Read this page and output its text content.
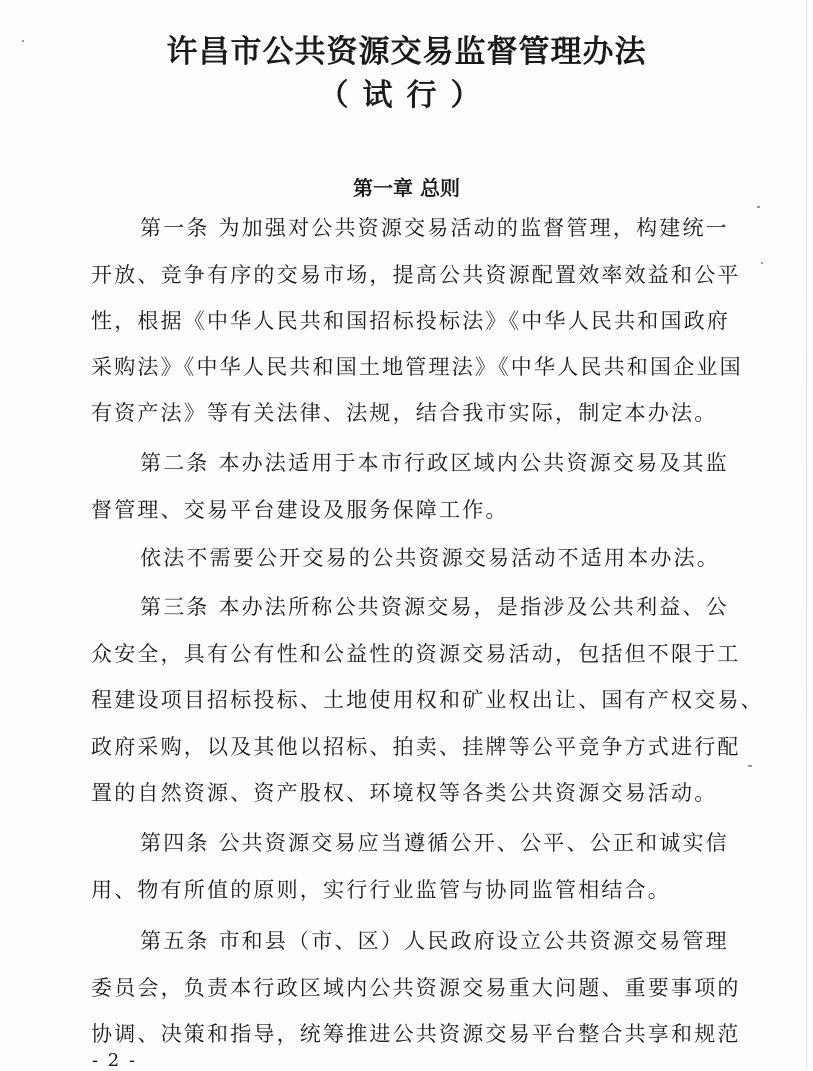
许昌市公共资源交易监督管理办法
（试行）
第一章 总则
第一条 为加强对公共资源交易活动的监督管理，构建统一
开放、竞争有序的交易市场，提高公共资源配置效率效益和公平
性，根据《中华人民共和国招标投标法》《中华人民共和国政府
采购法》《中华人民共和国土地管理法》《中华人民共和国企业国
有资产法》等有关法律、法规，结合我市实际，制定本办法。
第二条 本办法适用于本市行政区域内公共资源交易及其监
督管理、交易平台建设及服务保障工作。
依法不需要公开交易的公共资源交易活动不适用本办法。
第三条 本办法所称公共资源交易，是指涉及公共利益、公
众安全，具有公有性和公益性的资源交易活动，包括但不限于工
程建设项目招标投标、土地使用权和矿业权出让、国有产权交易、
政府采购，以及其他以招标、拍卖、挂牌等公平竞争方式进行配
置的自然资源、资产股权、环境权等各类公共资源交易活动。
第四条 公共资源交易应当遵循公开、公平、公正和诚实信
用、物有所值的原则，实行行业监管与协同监管相结合。
第五条 市和县（市、区）人民政府设立公共资源交易管理
委员会，负责本行政区域内公共资源交易重大问题、重要事项的
协调、决策和指导，统筹推进公共资源交易平台整合共享和规范
- 2 -
